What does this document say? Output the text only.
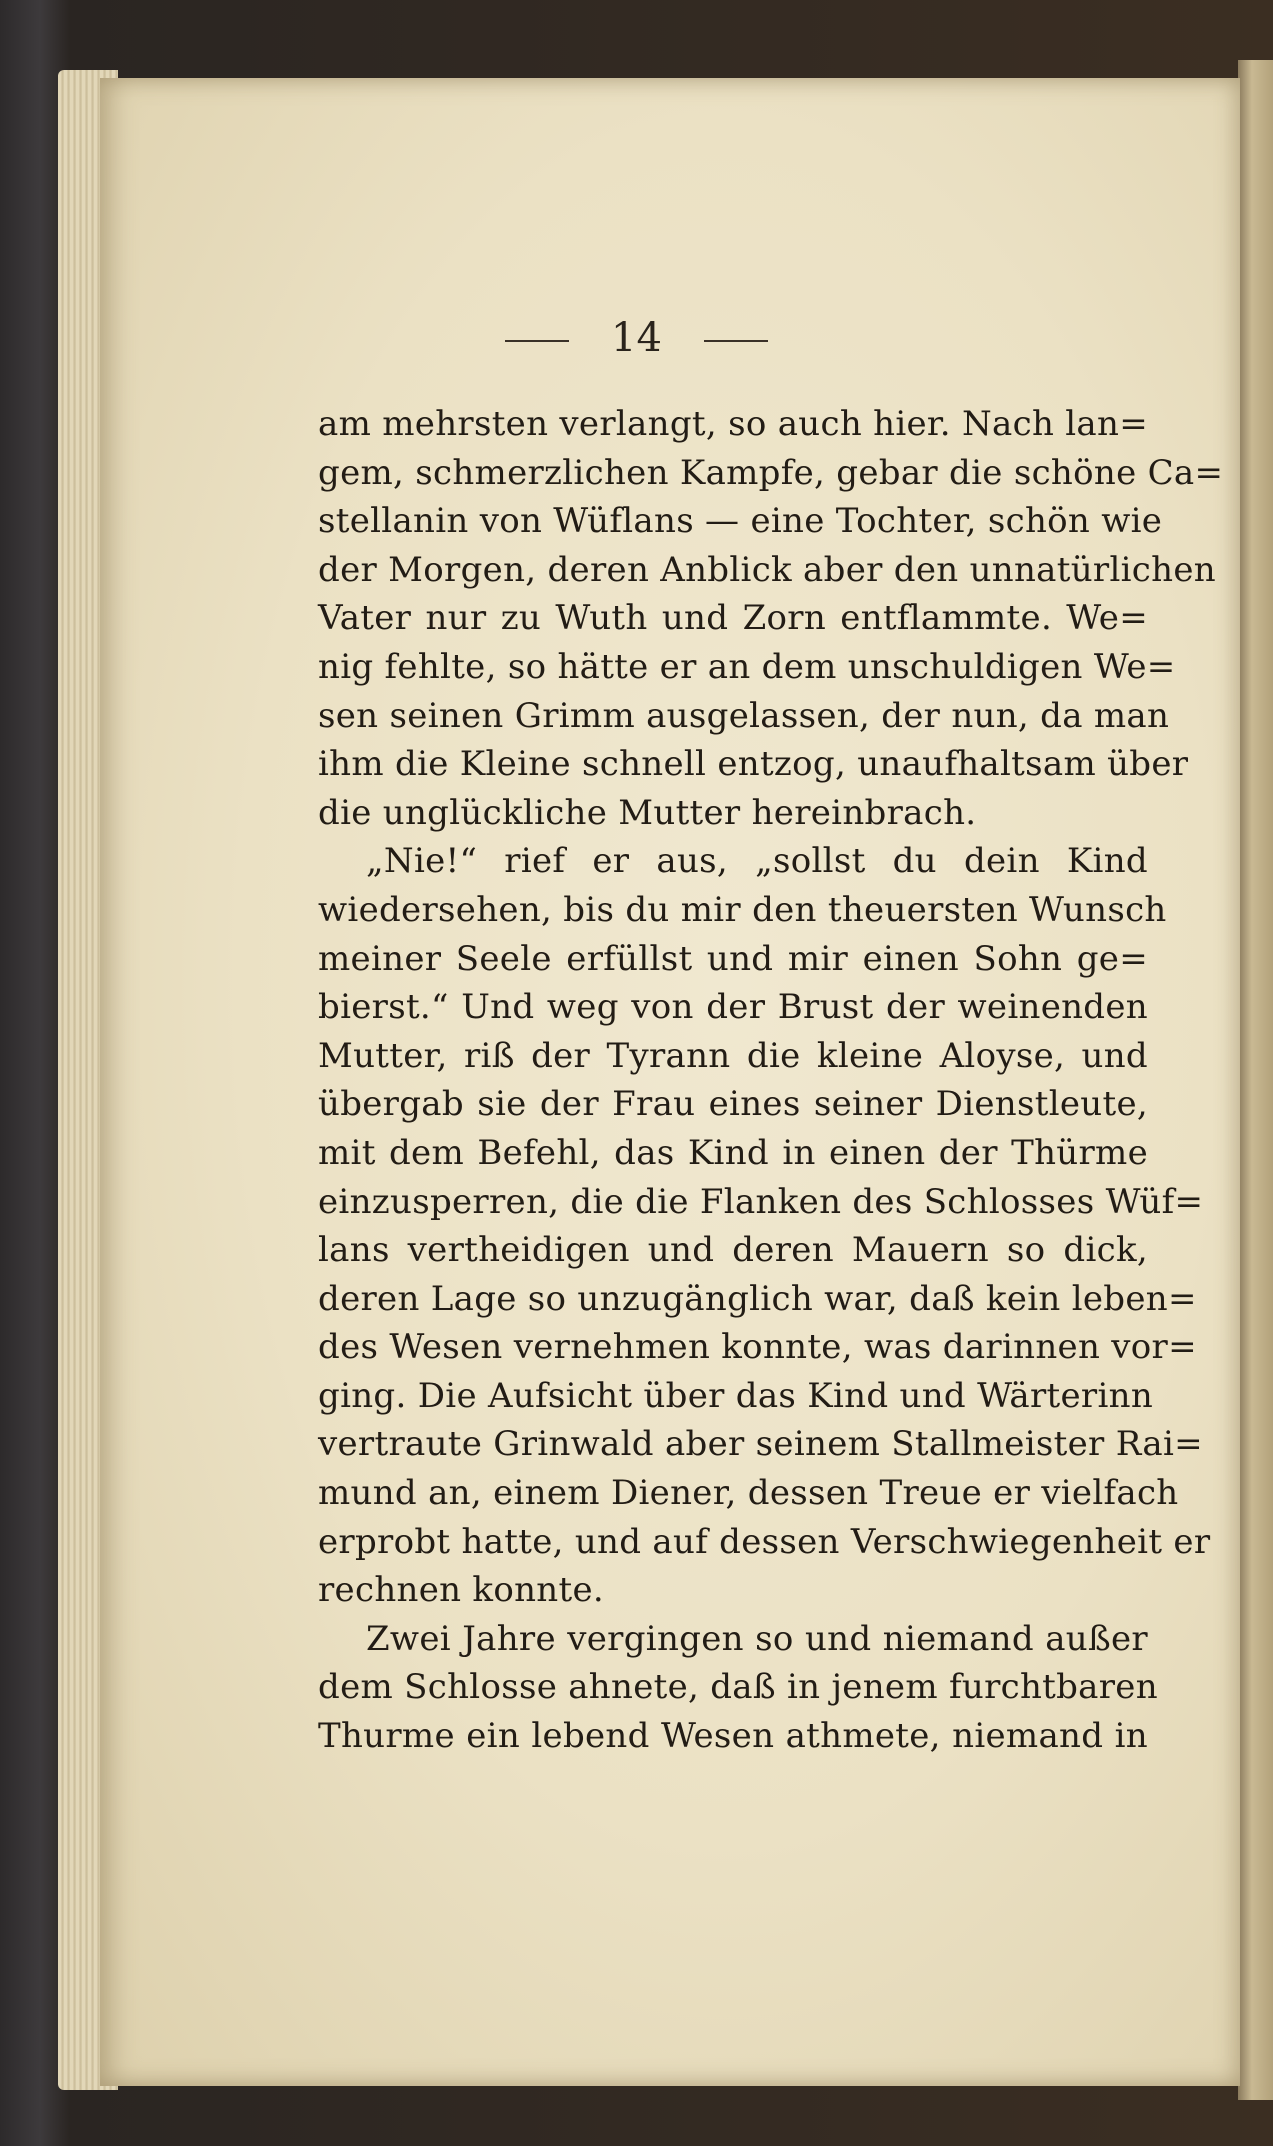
14
am mehrsten verlangt, so auch hier. Nach lan=
gem, schmerzlichen Kampfe, gebar die schöne Ca=
stellanin von Wüflans — eine Tochter, schön wie
der Morgen, deren Anblick aber den unnatürlichen
Vater nur zu Wuth und Zorn entflammte. We=
nig fehlte, so hätte er an dem unschuldigen We=
sen seinen Grimm ausgelassen, der nun, da man
ihm die Kleine schnell entzog, unaufhaltsam über
die unglückliche Mutter hereinbrach.
„Nie!“ rief er aus, „sollst du dein Kind
wiedersehen, bis du mir den theuersten Wunsch
meiner Seele erfüllst und mir einen Sohn ge=
bierst.“ Und weg von der Brust der weinenden
Mutter, riß der Tyrann die kleine Aloyse, und
übergab sie der Frau eines seiner Dienstleute,
mit dem Befehl, das Kind in einen der Thürme
einzusperren, die die Flanken des Schlosses Wüf=
lans vertheidigen und deren Mauern so dick,
deren Lage so unzugänglich war, daß kein leben=
des Wesen vernehmen konnte, was darinnen vor=
ging. Die Aufsicht über das Kind und Wärterinn
vertraute Grinwald aber seinem Stallmeister Rai=
mund an, einem Diener, dessen Treue er vielfach
erprobt hatte, und auf dessen Verschwiegenheit er
rechnen konnte.
Zwei Jahre vergingen so und niemand außer
dem Schlosse ahnete, daß in jenem furchtbaren
Thurme ein lebend Wesen athmete, niemand in
